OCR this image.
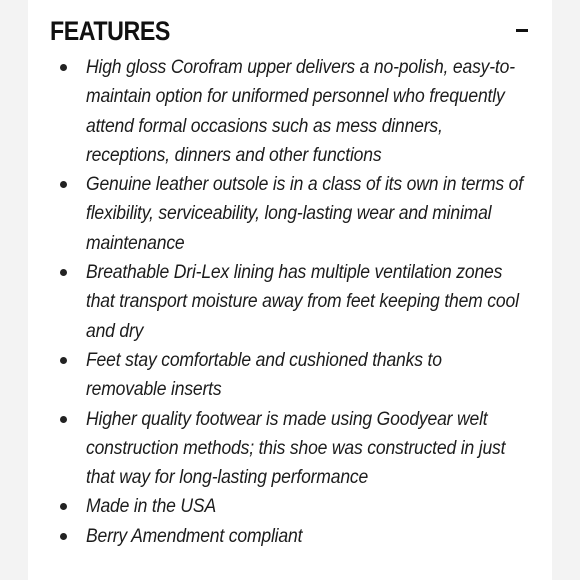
FEATURES
High gloss Corofram upper delivers a no-polish, easy-to-maintain option for uniformed personnel who frequently attend formal occasions such as mess dinners, receptions, dinners and other functions
Genuine leather outsole is in a class of its own in terms of flexibility, serviceability, long-lasting wear and minimal maintenance
Breathable Dri-Lex lining has multiple ventilation zones that transport moisture away from feet keeping them cool and dry
Feet stay comfortable and cushioned thanks to removable inserts
Higher quality footwear is made using Goodyear welt construction methods; this shoe was constructed in just that way for long-lasting performance
Made in the USA
Berry Amendment compliant
